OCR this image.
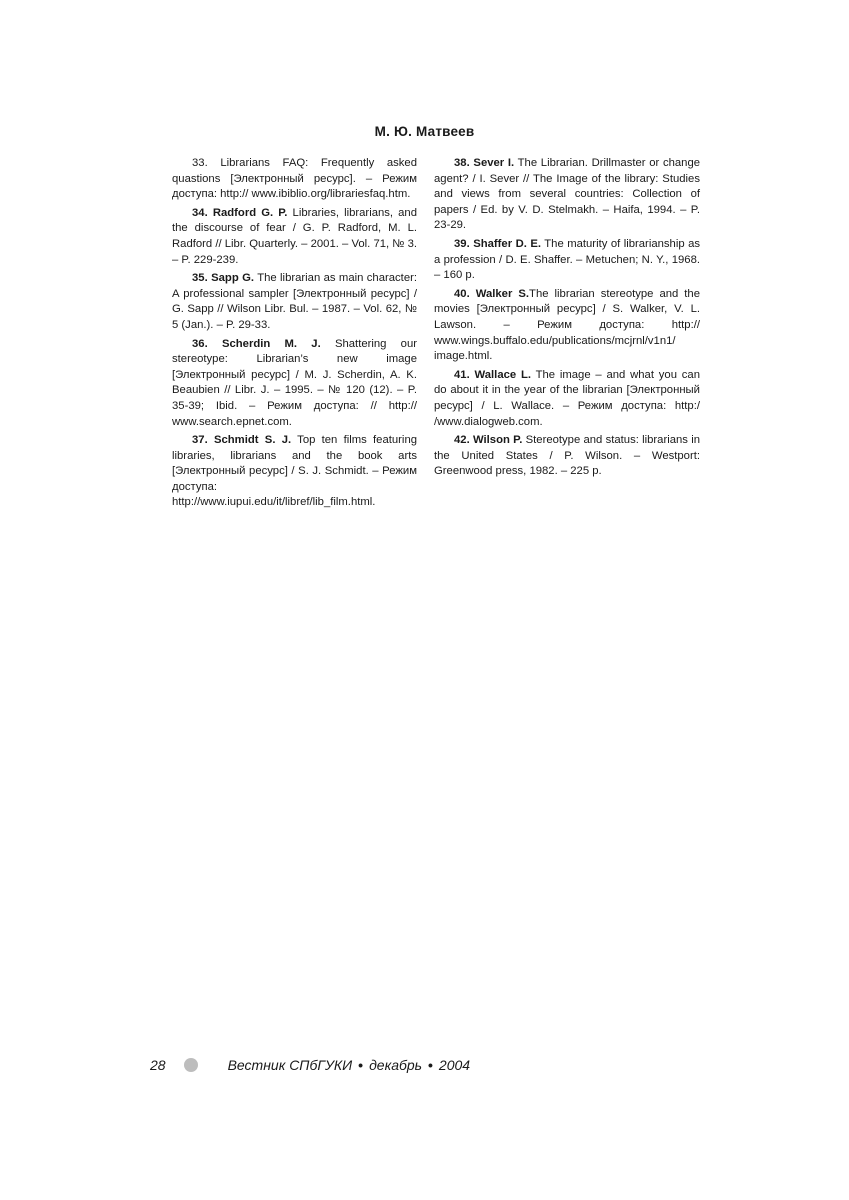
М. Ю. Матвеев

33. Librarians FAQ: Frequently asked quastions [Электронный ресурс]. – Режим доступа: http:// www.ibiblio.org/librariesfaq.htm.

34. Radford G. P. Libraries, librarians, and the discourse of fear / G. P. Radford, M. L. Radford // Libr. Quarterly. – 2001. – Vol. 71, № 3. – P. 229-239.

35. Sapp G. The librarian as main character: A professional sampler [Электронный ресурс] / G. Sapp // Wilson Libr. Bul. – 1987. – Vol. 62, № 5 (Jan.). – P. 29-33.

36. Scherdin M. J. Shattering our stereotype: Librarian’s new image [Электронный ресурс] / M. J. Scherdin, A. K. Beaubien // Libr. J. – 1995. – № 120 (12). – P. 35-39; Ibid. – Режим доступа: // http:// www.search.epnet.com.

37. Schmidt S. J. Top ten films featuring libraries, librarians and the book arts [Электронный ресурс] / S. J. Schmidt. – Режим доступа: http://www.iupui.edu/it/libref/lib_film.html.

38. Sever I. The Librarian. Drillmaster or change agent? / I. Sever // The Image of the library: Studies and views from several countries: Collection of papers / Ed. by V. D. Stelmakh. – Haifa, 1994. – P. 23-29.

39. Shaffer D. E. The maturity of librarianship as a profession / D. E. Shaffer. – Metuchen; N. Y., 1968. – 160 p.

40. Walker S.The librarian stereotype and the movies [Электронный ресурс] / S. Walker, V. L. Lawson. – Режим доступа: http:// www.wings.buffalo.edu/publications/mcjrnl/v1n1/ image.html.

41. Wallace L. The image – and what you can do about it in the year of the librarian [Электронный ресурс] / L. Wallace. – Режим доступа: http:/ /www.dialogweb.com.

42. Wilson P. Stereotype and status: librarians in the United States / P. Wilson. – Westport: Greenwood press, 1982. – 225 p.

28	Вестник СПбГУКИ • декабрь • 2004
